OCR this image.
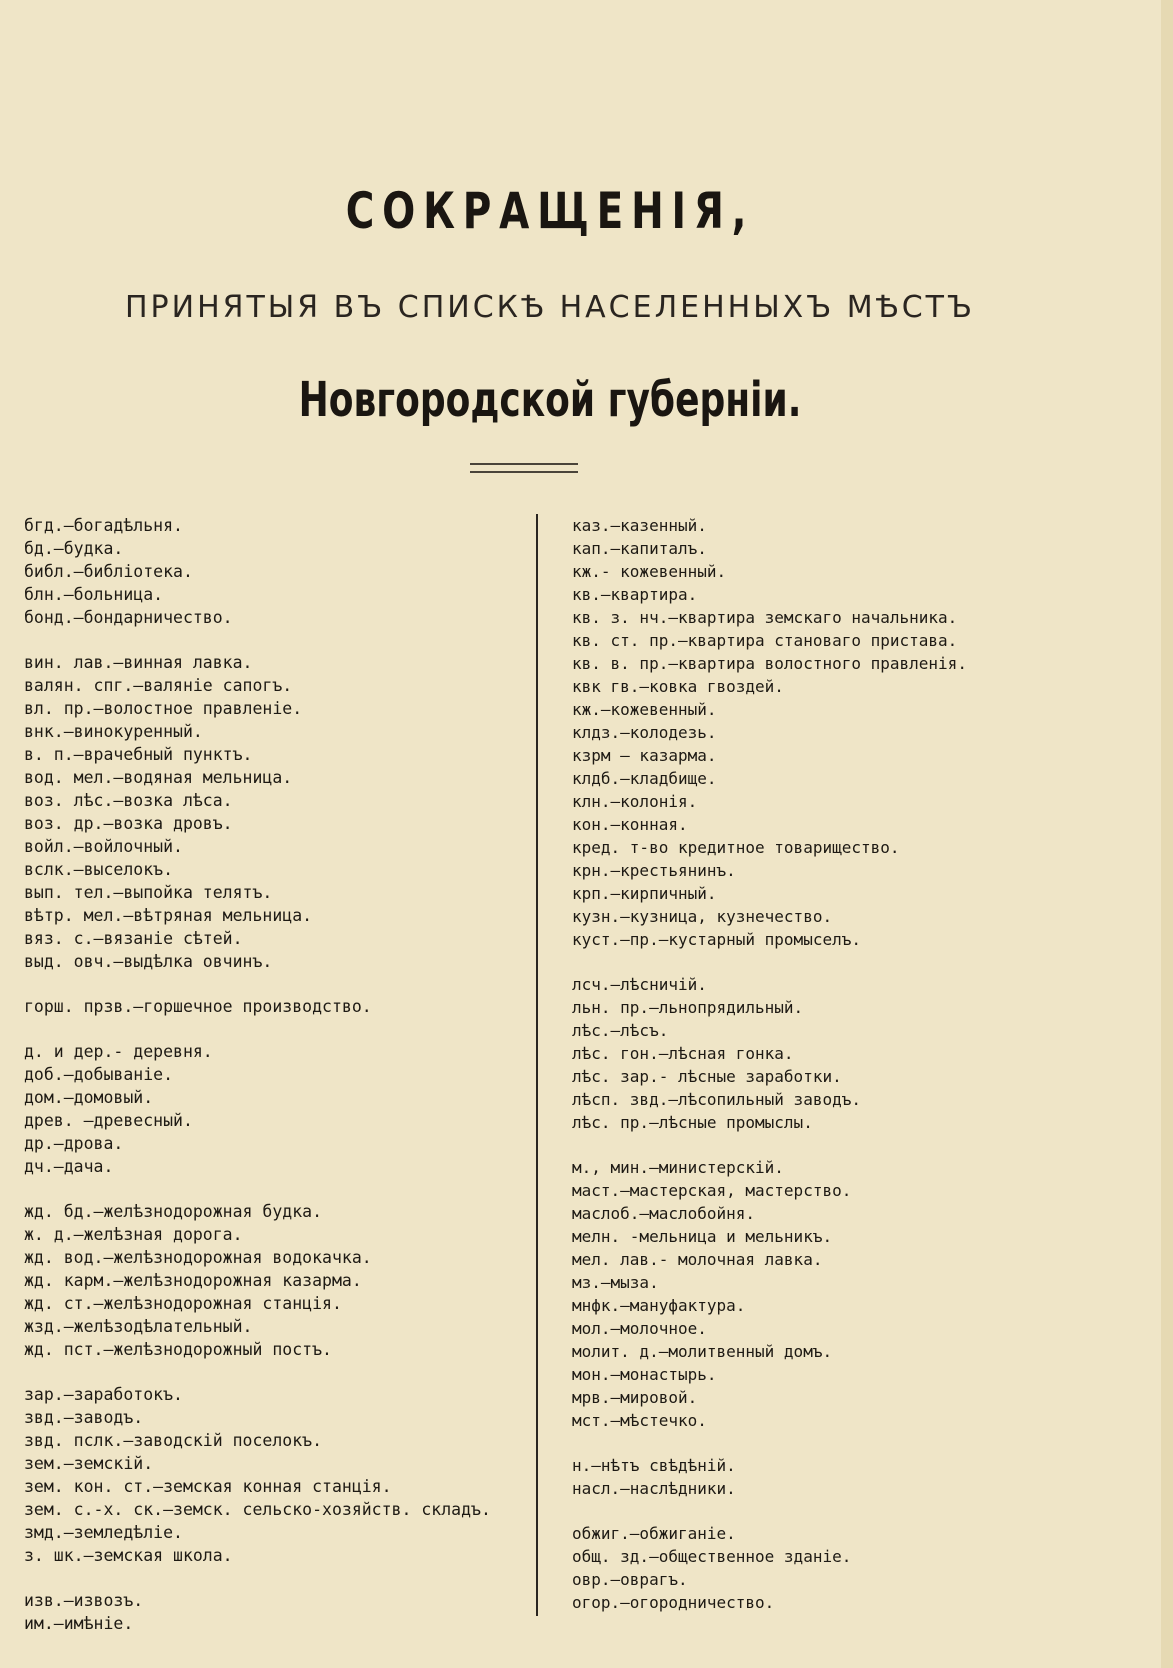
СОКРАЩЕНІЯ,
ПРИНЯТЫЯ ВЪ СПИСКѢ НАСЕЛЕННЫХЪ МѢСТЪ
Новгородской губерніи.
бгд.—богадѣльня.
бд.—будка.
библ.—библіотека.
блн.—больница.
бонд.—бондарничество.
вин. лав.—винная лавка.
валян. спг.—валяніе сапогъ.
вл. пр.—волостное правленіе.
внк.—винокуренный.
в. п.—врачебный пунктъ.
вод. мел.—водяная мельница.
воз. лѣс.—возка лѣса.
воз. др.—возка дровъ.
войл.—войлочный.
вслк.—выселокъ.
вып. тел.—выпойка телятъ.
вѣтр. мел.—вѣтряная мельница.
вяз. с.—вязаніе сѣтей.
выд. овч.—выдѣлка овчинъ.
горш. прзв.—горшечное производство.
д. и дер.- деревня.
доб.—добываніе.
дом.—домовый.
древ. —древесный.
др.—дрова.
дч.—дача.
жд. бд.—желѣзнодорожная будка.
ж. д.—желѣзная дорога.
жд. вод.—желѣзнодорожная водокачка.
жд. карм.—желѣзнодорожная казарма.
жд. ст.—желѣзнодорожная станція.
жзд.—желѣзодѣлательный.
жд. пст.—желѣзнодорожный постъ.
зар.—заработокъ.
звд.—заводъ.
звд. пслк.—заводскій поселокъ.
зем.—земскій.
зем. кон. ст.—земская конная станція.
зем. с.-х. ск.—земск. сельско-хозяйств. складъ.
змд.—земледѣліе.
з. шк.—земская школа.
изв.—извозъ.
им.—имѣніе.
каз.—казенный.
кап.—капиталъ.
кж.- кожевенный.
кв.—квартира.
кв. з. нч.—квартира земскаго начальника.
кв. ст. пр.—квартира становаго пристава.
кв. в. пр.—квартира волостного правленія.
квк гв.—ковка гвоздей.
кж.—кожевенный.
клдз.—колодезь.
кзрм — казарма.
клдб.—кладбище.
клн.—колонія.
кон.—конная.
кред. т-во кредитное товарищество.
крн.—крестьянинъ.
крп.—кирпичный.
кузн.—кузница, кузнечество.
куст.—пр.—кустарный промыселъ.
лсч.—лѣсничій.
льн. пр.—льнопрядильный.
лѣс.—лѣсъ.
лѣс. гон.—лѣсная гонка.
лѣс. зар.- лѣсные заработки.
лѣсп. звд.—лѣсопильный заводъ.
лѣс. пр.—лѣсные промыслы.
м., мин.—министерскій.
маст.—мастерская, мастерство.
маслоб.—маслобойня.
мелн. -мельница и мельникъ.
мел. лав.- молочная лавка.
мз.—мыза.
мнфк.—мануфактура.
мол.—молочное.
молит. д.—молитвенный домъ.
мон.—монастырь.
мрв.—мировой.
мст.—мѣстечко.
н.—нѣтъ свѣдѣній.
насл.—наслѣдники.
обжиг.—обжиганіе.
общ. зд.—общественное зданіе.
овр.—оврагъ.
огор.—огородничество.
